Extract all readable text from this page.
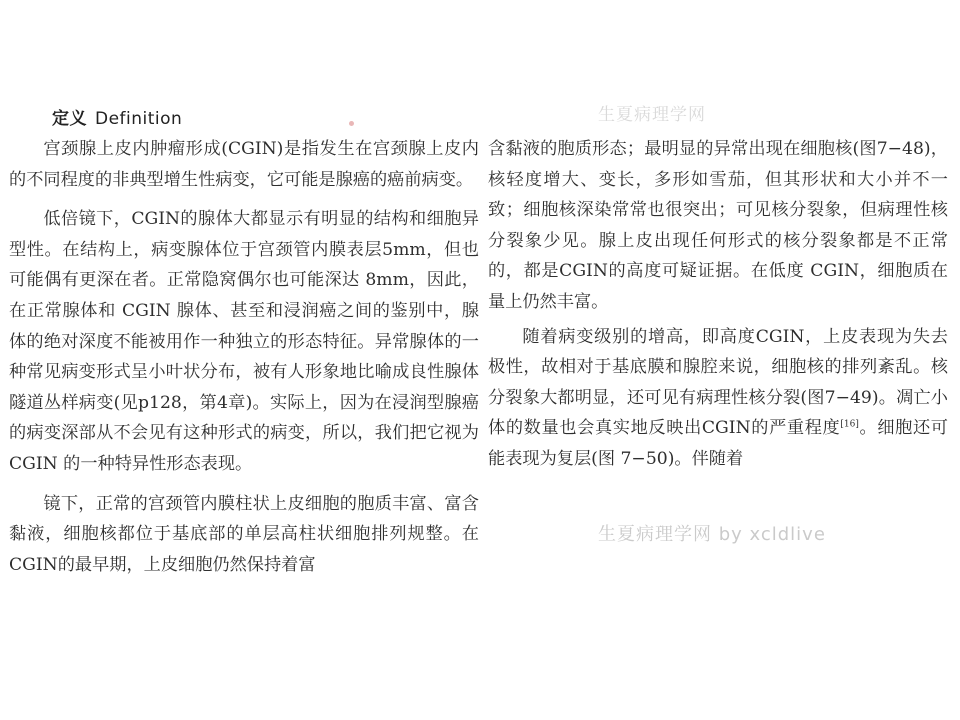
定义 Definition	生夏病理学网

宫颈腺上皮内肿瘤形成(CGIN)是指发生在宫颈腺上皮内的不同程度的非典型增生性病变，它可能是腺癌的癌前病变。

低倍镜下，CGIN的腺体大都显示有明显的结构和细胞异型性。在结构上，病变腺体位于宫颈管内膜表层5mm，但也可能偶有更深在者。正常隐窝偶尔也可能深达 8mm，因此，在正常腺体和 CGIN 腺体、甚至和浸润癌之间的鉴别中，腺体的绝对深度不能被用作一种独立的形态特征。异常腺体的一种常见病变形式呈小叶状分布，被有人形象地比喻成良性腺体隧道丛样病变(见p128，第4章)。实际上，因为在浸润型腺癌的病变深部从不会见有这种形式的病变，所以，我们把它视为 CGIN 的一种特异性形态表现。

镜下，正常的宫颈管内膜柱状上皮细胞的胞质丰富、富含黏液，细胞核都位于基底部的单层高柱状细胞排列规整。在CGIN的最早期，上皮细胞仍然保持着富

含黏液的胞质形态；最明显的异常出现在细胞核(图7−48)，核轻度增大、变长，多形如雪茄，但其形状和大小并不一致；细胞核深染常常也很突出；可见核分裂象，但病理性核分裂象少见。腺上皮出现任何形式的核分裂象都是不正常的，都是CGIN的高度可疑证据。在低度 CGIN，细胞质在量上仍然丰富。

随着病变级别的增高，即高度CGIN，上皮表现为失去极性，故相对于基底膜和腺腔来说，细胞核的排列紊乱。核分裂象大都明显，还可见有病理性核分裂(图7−49)。凋亡小体的数量也会真实地反映出CGIN的严重程度[16]。细胞还可能表现为复层(图 7−50)。伴随着

生夏病理学网 by xcldlive
